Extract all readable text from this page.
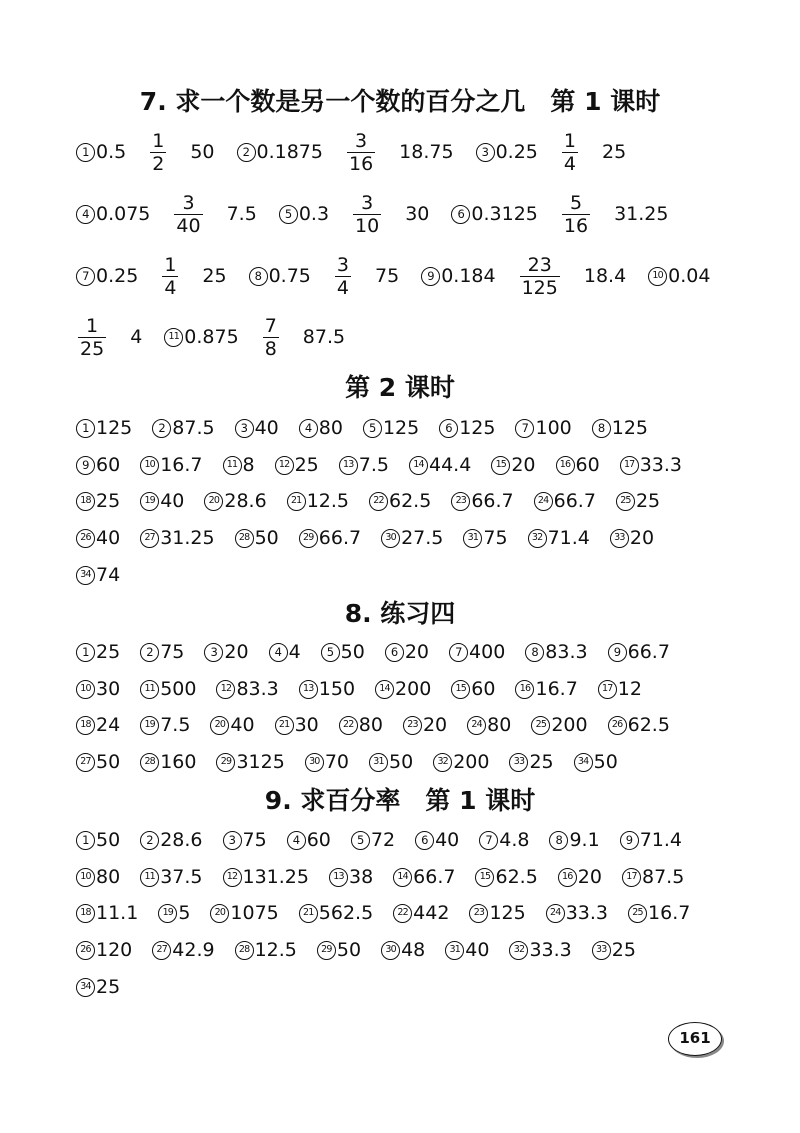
7. 求一个数是另一个数的百分之几　第 1 课时
1 $0.5 \frac{1}{2} 50$	2 $0.1875 \frac{3}{16} 18.75$	3 $0.25 \frac{1}{4} 25$
4 $0.075 \frac{3}{40} 7.5$	5 $0.3 \frac{3}{10} 30$	6 $0.3125 \frac{5}{16} 31.25$
7 $0.25 \frac{1}{4} 25$	8 $0.75 \frac{3}{4} 75$	9 $0.184 \frac{23}{125} 18.4$	10 0.04
$\frac{1}{25} 4$	11 $0.875 \frac{7}{8} 87.5$
第 2 课时
1 125	2 87.5	3 40	4 80	5 125	6 125	7 100	8 125
9 60	10 16.7	11 8	12 25	13 7.5	14 44.4	15 20	16 60	17 33.3
18 25	19 40	20 28.6	21 12.5	22 62.5	23 66.7	24 66.7	25 25
26 40	27 31.25	28 50	29 66.7	30 27.5	31 75	32 71.4	33 20
34 74
8. 练习四
1 25	2 75	3 20	4 4	5 50	6 20	7 400	8 83.3	9 66.7
10 30	11 500	12 83.3	13 150	14 200	15 60	16 16.7	17 12
18 24	19 7.5	20 40	21 30	22 80	23 20	24 80	25 200	26 62.5
27 50	28 160	29 3125	30 70	31 50	32 200	33 25	34 50
9. 求百分率　第 1 课时
1 50	2 28.6	3 75	4 60	5 72	6 40	7 4.8	8 9.1	9 71.4
10 80	11 37.5	12 131.25	13 38	14 66.7	15 62.5	16 20	17 87.5
18 11.1	19 5	20 1075	21 562.5	22 442	23 125	24 33.3	25 16.7
26 120	27 42.9	28 12.5	29 50	30 48	31 40	32 33.3	33 25
34 25
161
